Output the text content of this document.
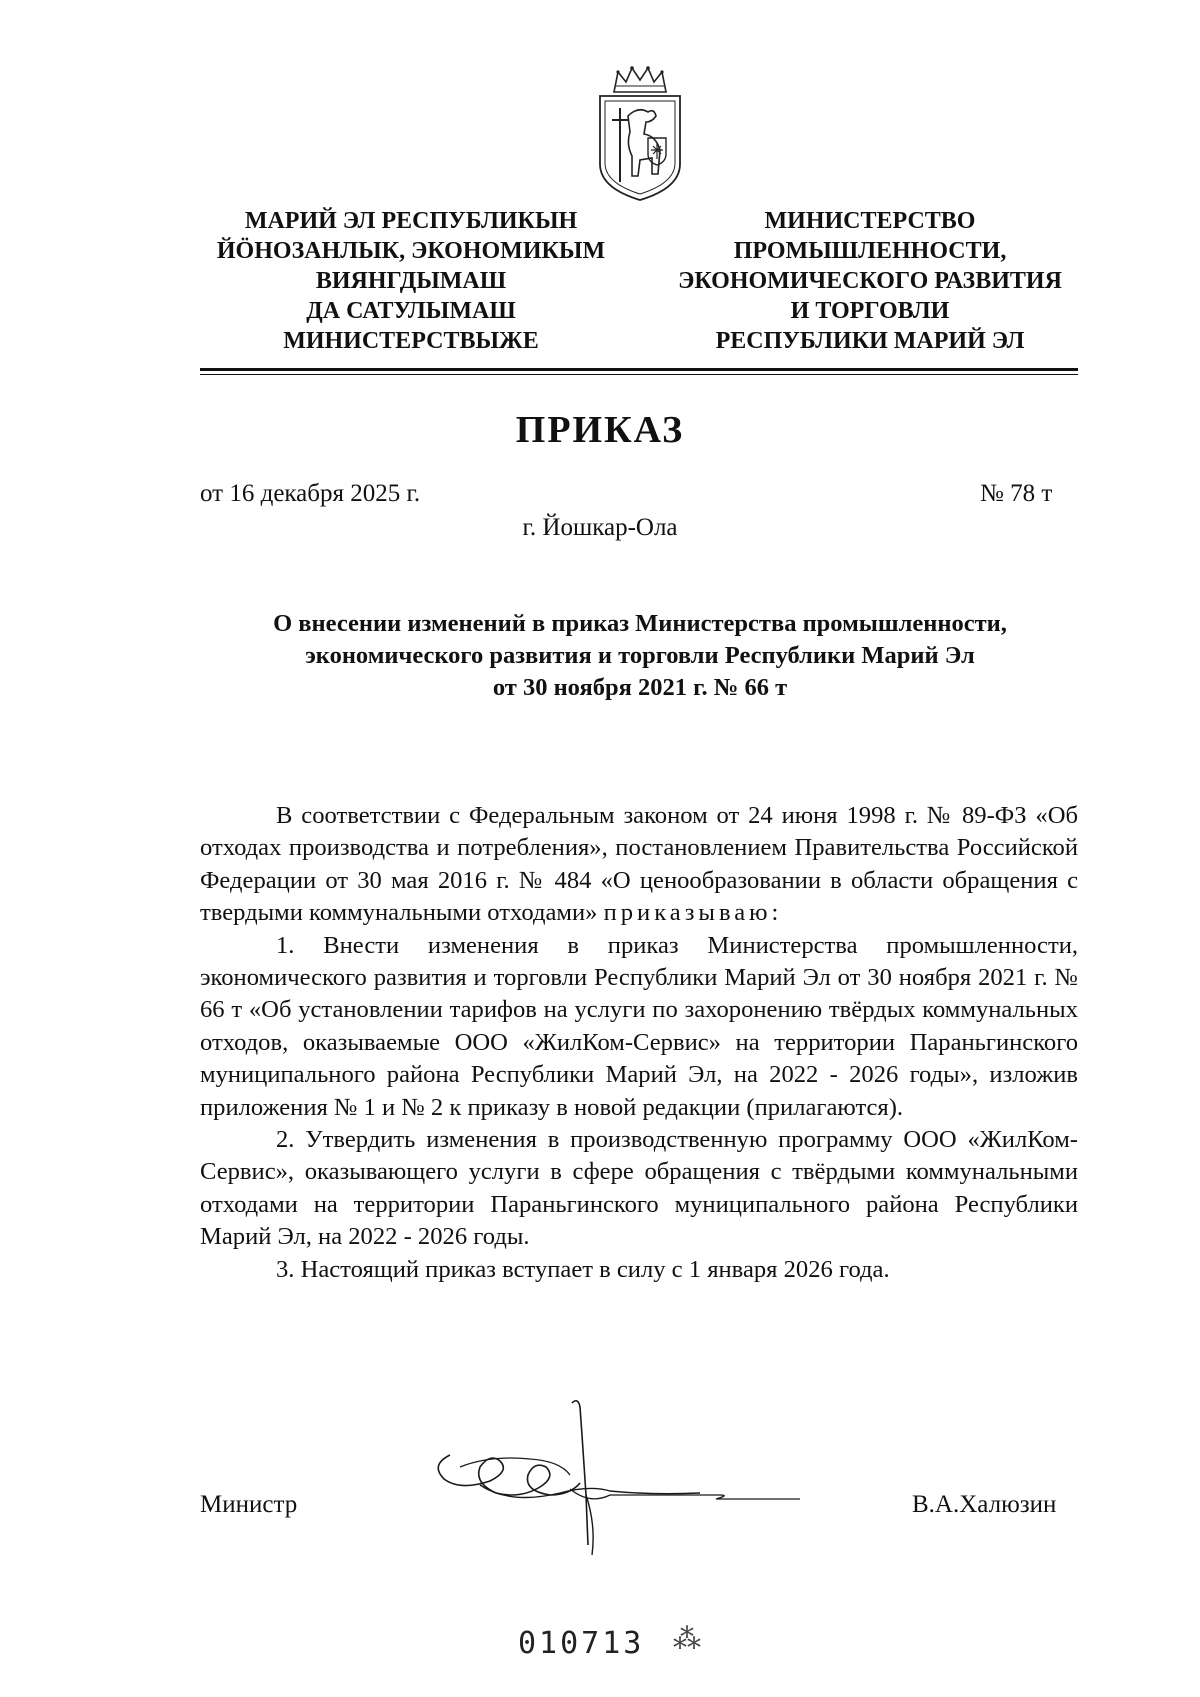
МАРИЙ ЭЛ РЕСПУБЛИКЫН
ЙÖНОЗАНЛЫК, ЭКОНОМИКЫМ
ВИЯНГДЫМАШ
ДА САТУЛЫМАШ
МИНИСТЕРСТВЫЖЕ
МИНИСТЕРСТВО
ПРОМЫШЛЕННОСТИ,
ЭКОНОМИЧЕСКОГО РАЗВИТИЯ
И ТОРГОВЛИ
РЕСПУБЛИКИ МАРИЙ ЭЛ
ПРИКАЗ
от 16 декабря 2025 г.	№ 78 т
г. Йошкар-Ола
О внесении изменений в приказ Министерства промышленности,
экономического развития и торговли Республики Марий Эл
от 30 ноября 2021 г. № 66 т

В соответствии с Федеральным законом от 24 июня 1998 г. № 89-ФЗ «Об отходах производства и потребления», постановлением Правительства Российской Федерации от 30 мая 2016 г. № 484 «О ценообразовании в области обращения с твердыми коммунальными отходами» приказываю:

1. Внести изменения в приказ Министерства промышленности, экономического развития и торговли Республики Марий Эл от 30 ноября 2021 г. № 66 т «Об установлении тарифов на услуги по захоронению твёрдых коммунальных отходов, оказываемые ООО «ЖилКом-Сервис» на территории Параньгинского муниципального района Республики Марий Эл, на 2022 - 2026 годы», изложив приложения № 1 и № 2 к приказу в новой редакции (прилагаются).

2. Утвердить изменения в производственную программу ООО «ЖилКом-Сервис», оказывающего услуги в сфере обращения с твёрдыми коммунальными отходами на территории Параньгинского муниципального района Республики Марий Эл, на 2022 - 2026 годы.

3. Настоящий приказ вступает в силу с 1 января 2026 года.

Министр	В.А.Халюзин
010713 ⁂
